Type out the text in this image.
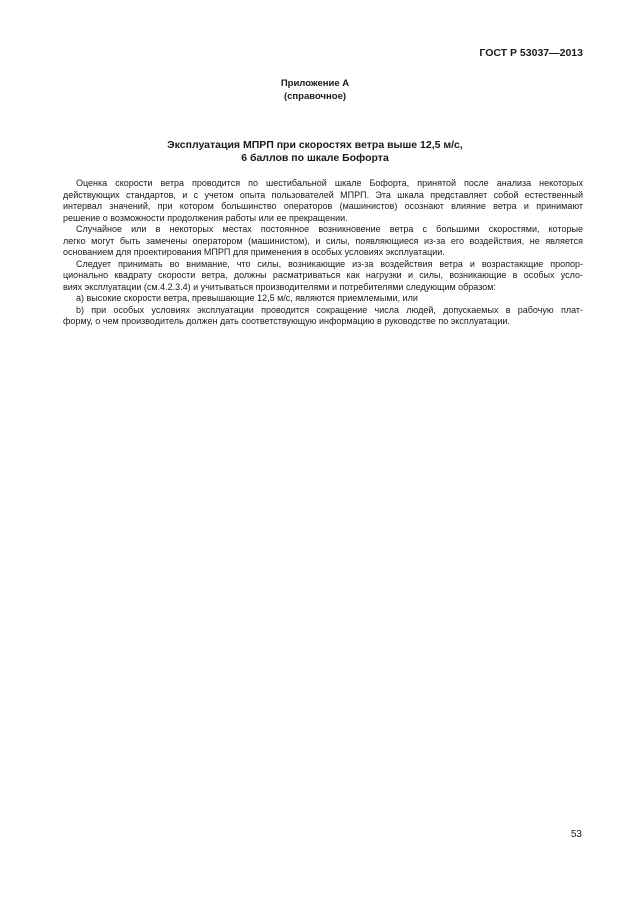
ГОСТ Р 53037—2013
Приложение А
(справочное)
Эксплуатация МПРП при скоростях ветра выше 12,5 м/с,
6 баллов по шкале Бофорта
Оценка скорости ветра проводится по шестибальной шкале Бофорта, принятой после анализа некоторых
действующих стандартов, и с учетом опыта пользователей МПРП. Эта шкала представляет собой естественный
интервал значений, при котором большинство операторов (машинистов) осознают влияние ветра и принимают
решение о возможности продолжения работы или ее прекращении.
Случайное или в некоторых местах постоянное возникновение ветра с большими скоростями, которые
легко могут быть замечены оператором (машинистом), и силы, появляющиеся из-за его воздействия, не является
основанием для проектирования МПРП для применения в особых условиях эксплуатации.
Следует принимать во внимание, что силы, возникающие из-за воздействия ветра и возрастающие пропор-
ционально квадрату скорости ветра, должны расматриваться как нагрузки и силы, возникающие в особых усло-
виях эксплуатации (см.4.2.3.4) и учитываться производителями и потребителями следующим образом:
а) высокие скорости ветра, превышающие 12,5 м/с, являются приемлемыми, или
b) при особых условиях эксплуатации проводится сокращение числа людей, допускаемых в рабочую плат-
форму, о чем производитель должен дать соответствующую информацию в руководстве по эксплуатации.
53
